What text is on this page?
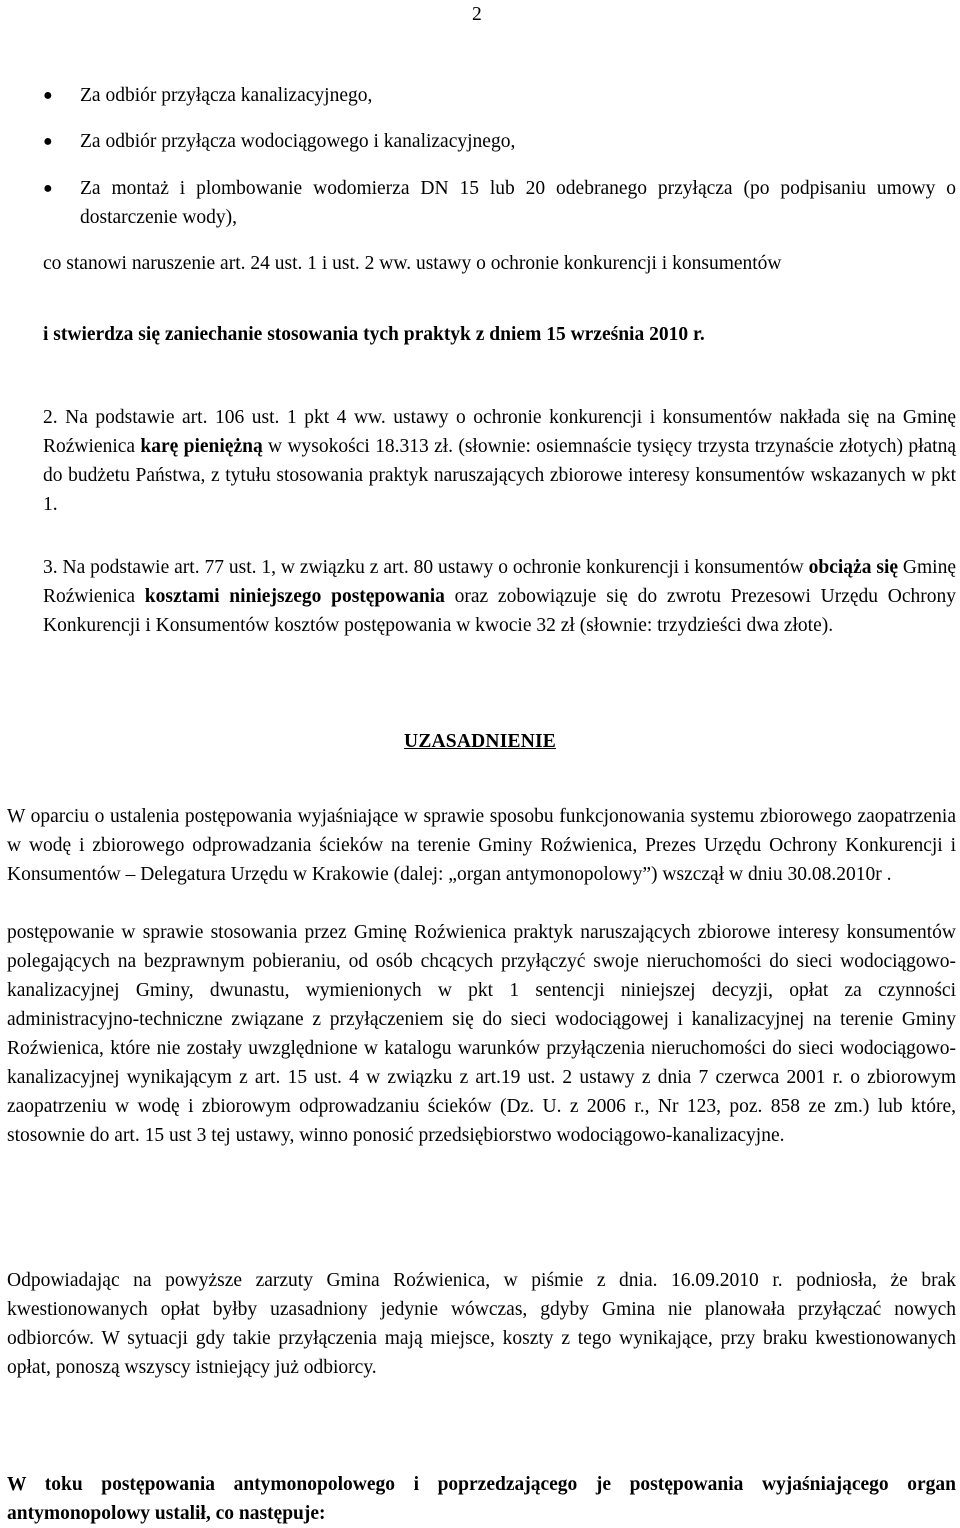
2
● Za odbiór przyłącza kanalizacyjnego,
● Za odbiór przyłącza wodociągowego i kanalizacyjnego,
● Za montaż i plombowanie wodomierza DN 15 lub 20 odebranego przyłącza (po podpisaniu umowy o dostarczenie wody),
co stanowi naruszenie art. 24 ust. 1 i ust. 2 ww. ustawy o ochronie konkurencji i konsumentów
i stwierdza się zaniechanie stosowania tych praktyk z dniem 15 września 2010 r.
2. Na podstawie art. 106 ust. 1 pkt 4 ww. ustawy o ochronie konkurencji i konsumentów nakłada się na Gminę Roźwienica karę pieniężną w wysokości 18.313 zł. (słownie: osiemnaście tysięcy trzysta trzynaście złotych) płatną do budżetu Państwa, z tytułu stosowania praktyk naruszających zbiorowe interesy konsumentów wskazanych w pkt 1.
3. Na podstawie art. 77 ust. 1, w związku z art. 80 ustawy o ochronie konkurencji i konsumentów obciąża się Gminę Roźwienica kosztami niniejszego postępowania oraz zobowiązuje się do zwrotu Prezesowi Urzędu Ochrony Konkurencji i Konsumentów kosztów postępowania w kwocie 32 zł (słownie: trzydzieści dwa złote).
UZASADNIENIE
W oparciu o ustalenia postępowania wyjaśniające w sprawie sposobu funkcjonowania systemu zbiorowego zaopatrzenia w wodę i zbiorowego odprowadzania ścieków na terenie Gminy Roźwienica, Prezes Urzędu Ochrony Konkurencji i Konsumentów – Delegatura Urzędu w Krakowie (dalej: „organ antymonopolowy”) wszczął w dniu 30.08.2010r .
postępowanie w sprawie stosowania przez Gminę Roźwienica praktyk naruszających zbiorowe interesy konsumentów polegających na bezprawnym pobieraniu, od osób chcących przyłączyć swoje nieruchomości do sieci wodociągowo-kanalizacyjnej Gminy, dwunastu, wymienionych w pkt 1 sentencji niniejszej decyzji, opłat za czynności administracyjno-techniczne związane z przyłączeniem się do sieci wodociągowej i kanalizacyjnej na terenie Gminy Roźwienica, które nie zostały uwzględnione w katalogu warunków przyłączenia nieruchomości do sieci wodociągowo-kanalizacyjnej wynikającym z art. 15 ust. 4 w związku z art.19 ust. 2 ustawy z dnia 7 czerwca 2001 r. o zbiorowym zaopatrzeniu w wodę i zbiorowym odprowadzaniu ścieków (Dz. U. z 2006 r., Nr 123, poz. 858 ze zm.) lub które, stosownie do art. 15 ust 3 tej ustawy, winno ponosić przedsiębiorstwo wodociągowo-kanalizacyjne.
Odpowiadając na powyższe zarzuty Gmina Roźwienica, w piśmie z dnia. 16.09.2010 r. podniosła, że brak kwestionowanych opłat byłby uzasadniony jedynie wówczas, gdyby Gmina nie planowała przyłączać nowych odbiorców. W sytuacji gdy takie przyłączenia mają miejsce, koszty z tego wynikające, przy braku kwestionowanych opłat, ponoszą wszyscy istniejący już odbiorcy.
W toku postępowania antymonopolowego i poprzedzającego je postępowania wyjaśniającego organ antymonopolowy ustalił, co następuje:
